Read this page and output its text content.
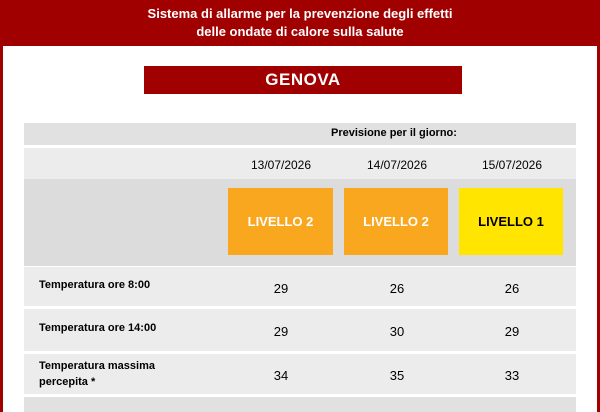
Sistema di allarme per la prevenzione degli effetti
delle ondate di calore sulla salute
GENOVA
Previsione per il giorno:
13/07/2026	14/07/2026	15/07/2026
LIVELLO 2	LIVELLO 2	LIVELLO 1
Temperatura ore 8:00	29	26	26
Temperatura ore 14:00	29	30	29
Temperatura massima
percepita *	34	35	33
